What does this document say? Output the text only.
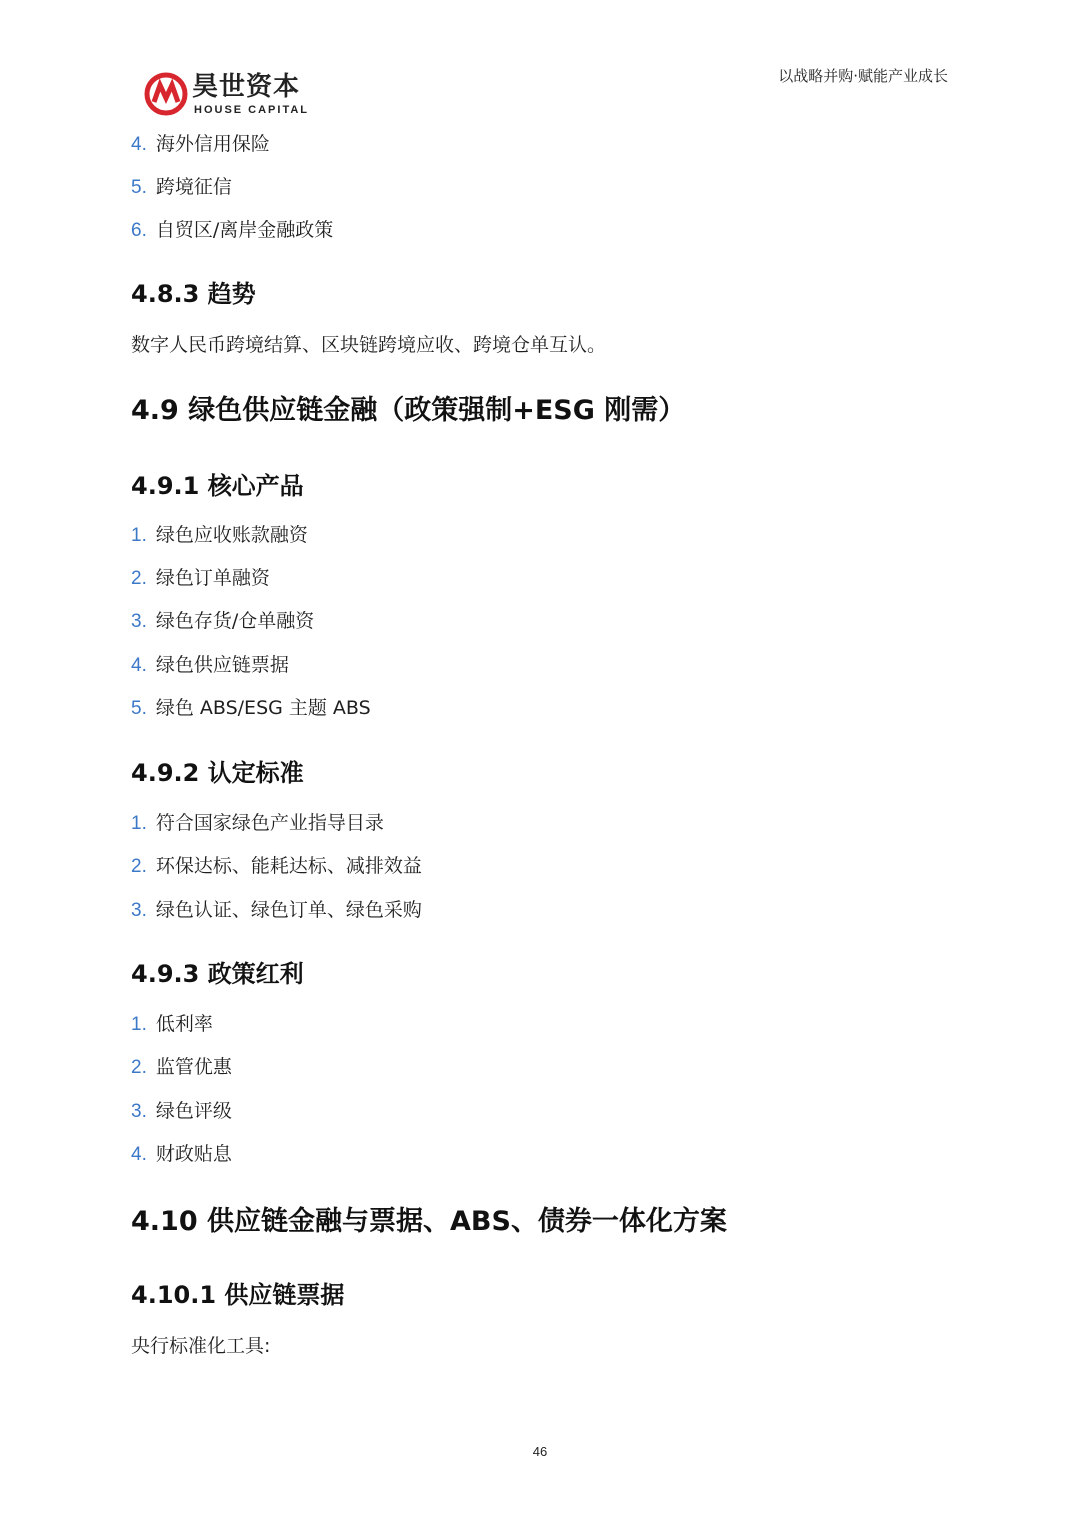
昊世资本
HOUSE CAPITAL
以战略并购·赋能产业成长
4. 海外信用保险
5. 跨境征信
6. 自贸区/离岸金融政策
4.8.3 趋势
数字人民币跨境结算、区块链跨境应收、跨境仓单互认。
4.9 绿色供应链金融（政策强制+ESG 刚需）
4.9.1 核心产品
1. 绿色应收账款融资
2. 绿色订单融资
3. 绿色存货/仓单融资
4. 绿色供应链票据
5. 绿色 ABS/ESG 主题 ABS
4.9.2 认定标准
1. 符合国家绿色产业指导目录
2. 环保达标、能耗达标、减排效益
3. 绿色认证、绿色订单、绿色采购
4.9.3 政策红利
1. 低利率
2. 监管优惠
3. 绿色评级
4. 财政贴息
4.10 供应链金融与票据、ABS、债券一体化方案
4.10.1 供应链票据
央行标准化工具:
46
